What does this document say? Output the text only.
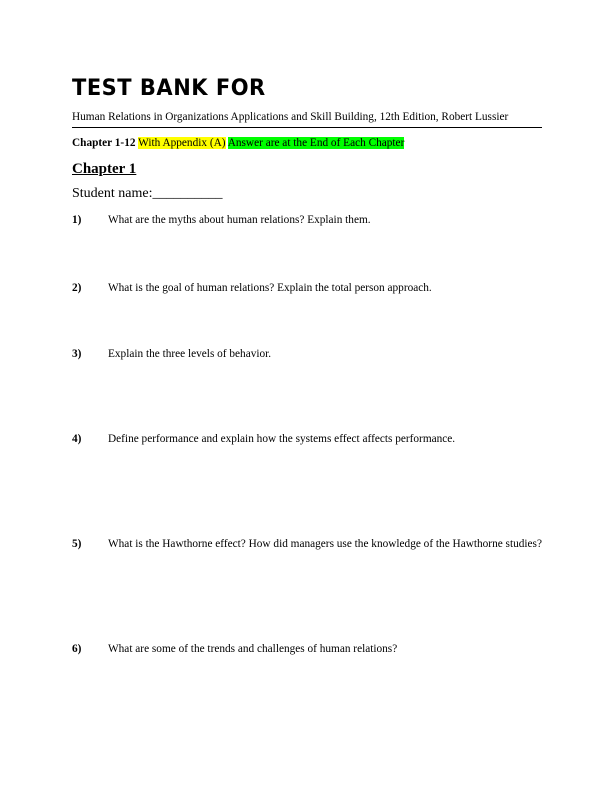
TEST BANK FOR
Human Relations in Organizations Applications and Skill Building, 12th Edition, Robert Lussier
Chapter 1-12 With Appendix (A) Answer are at the End of Each Chapter
Chapter 1
Student name:__________
1) What are the myths about human relations? Explain them.
2) What is the goal of human relations? Explain the total person approach.
3) Explain the three levels of behavior.
4) Define performance and explain how the systems effect affects performance.
5) What is the Hawthorne effect? How did managers use the knowledge of the Hawthorne studies?
6) What are some of the trends and challenges of human relations?
